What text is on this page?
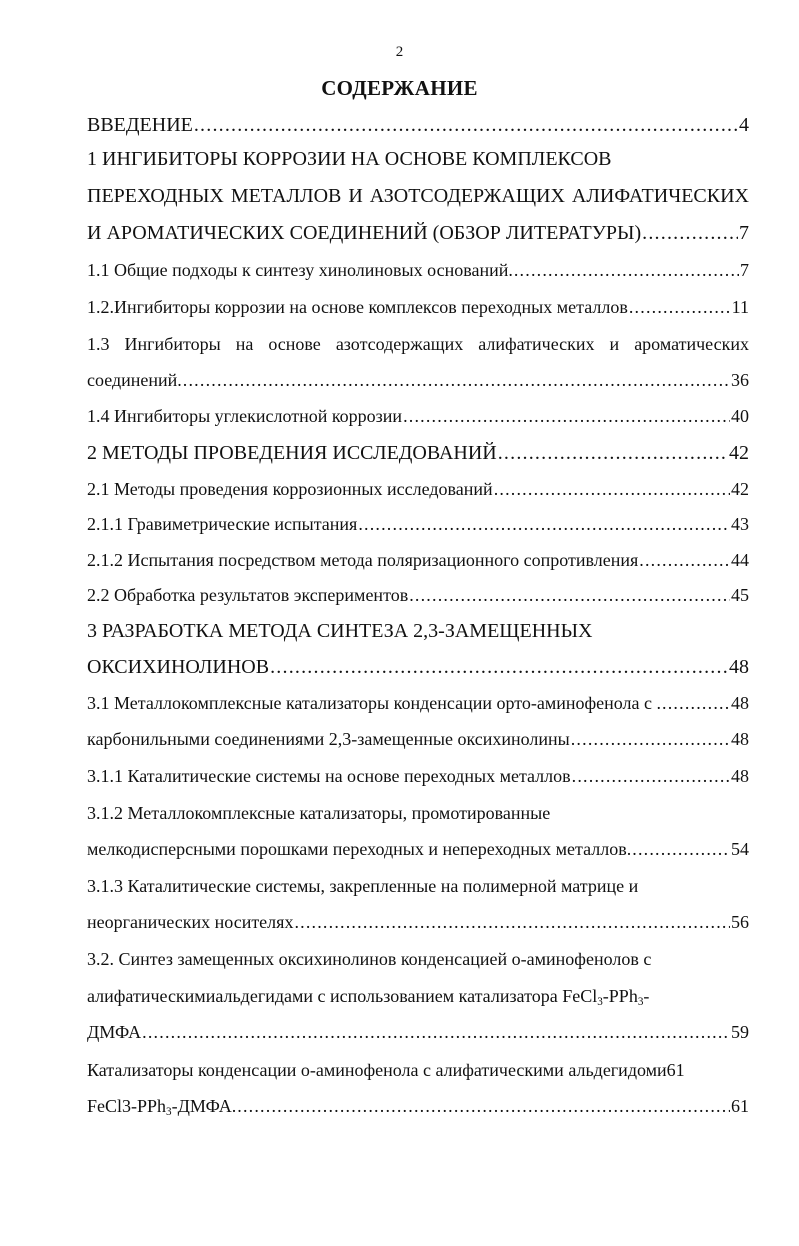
2
СОДЕРЖАНИЕ
ВВЕДЕНИЕ .....	4
1 ИНГИБИТОРЫ КОРРОЗИИ НА ОСНОВЕ КОМПЛЕКСОВ
ПЕРЕХОДНЫХ МЕТАЛЛОВ И АЗОТСОДЕРЖАЩИХ АЛИФАТИЧЕСКИХ
И АРОМАТИЧЕСКИХ СОЕДИНЕНИЙ (ОБЗОР ЛИТЕРАТУРЫ) .....	7
1.1 Общие подходы к синтезу хинолиновых оснований. .....	7
1.2.Ингибиторы коррозии на основе комплексов переходных металлов .....	11
1.3 Ингибиторы на основе азотсодержащих алифатических и ароматических
соединений. .....	36
1.4 Ингибиторы углекислотной коррозии .....	40
2 МЕТОДЫ ПРОВЕДЕНИЯ ИССЛЕДОВАНИЙ .....	42
2.1 Методы проведения коррозионных исследований .....	42
2.1.1 Гравиметрические испытания .....	43
2.1.2 Испытания посредством метода поляризационного сопротивления .....	44
2.2 Обработка результатов экспериментов .....	45
3 РАЗРАБОТКА МЕТОДА СИНТЕЗА 2,3-ЗАМЕЩЕННЫХ
ОКСИХИНОЛИНОВ .....	48
3.1 Металлокомплексные катализаторы конденсации орто-аминофенола с . .....	48
карбонильными соединениями 2,3-замещенные оксихинолины .....	48
3.1.1 Каталитические системы на основе переходных металлов .....	48
3.1.2 Металлокомплексные катализаторы, промотированные
мелкодисперсными порошками переходных и непереходных металлов. .....	54
3.1.3 Каталитические системы, закрепленные на полимерной матрице и
неорганических носителях .....	56
3.2. Синтез замещенных оксихинолинов конденсацией о-аминофенолов с
алифатическимиальдегидами с использованием катализатора FeCl$_3$-PPh$_3$-
ДМФА .....	59
Катализаторы конденсации о-аминофенола с алифатическими альдегидоми 61
FeCl3-PPh$_3$-ДМФА. .....	61
